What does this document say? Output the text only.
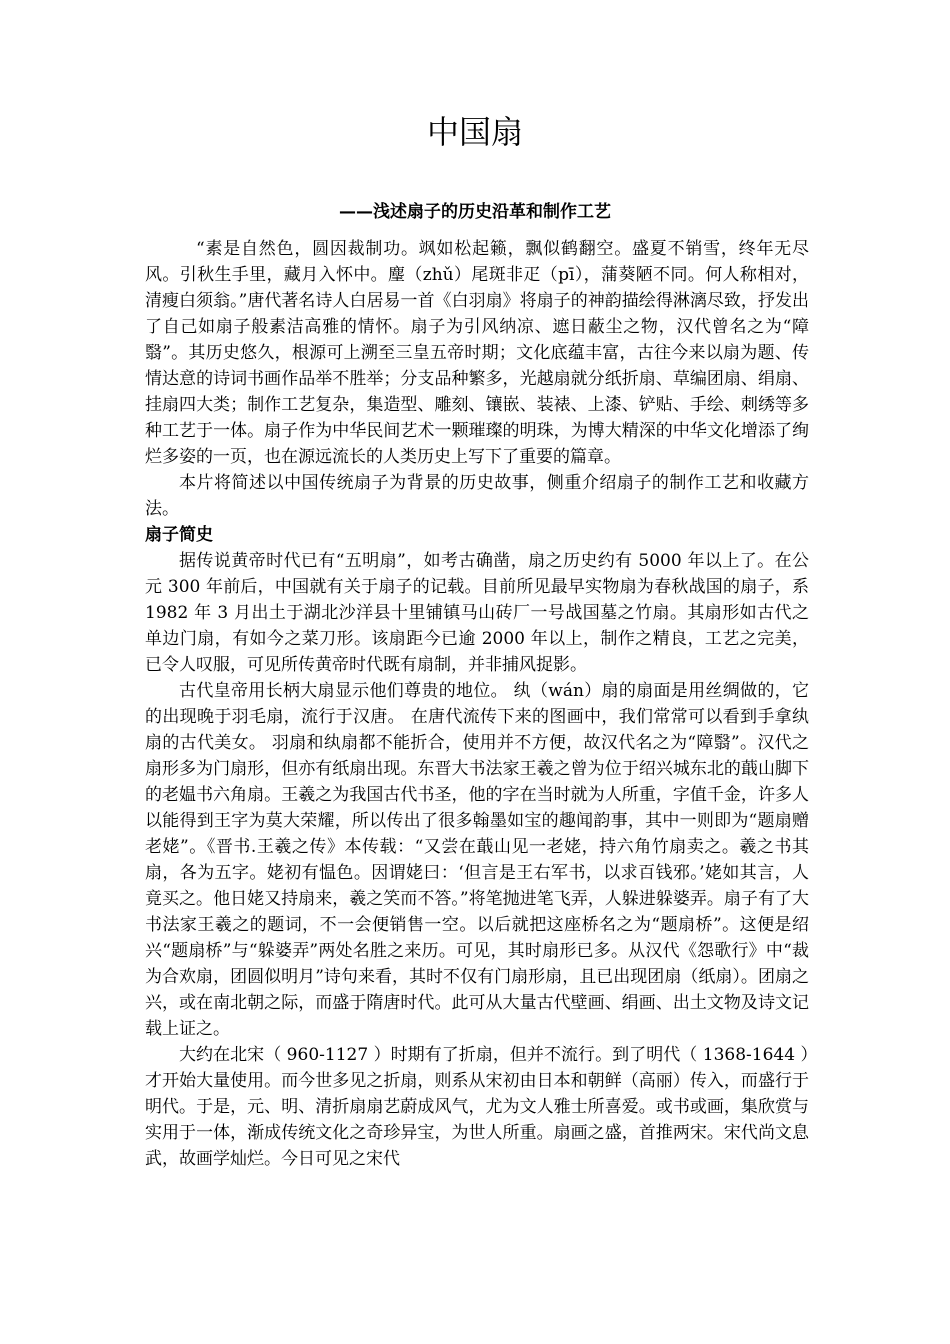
中国扇
——浅述扇子的历史沿革和制作工艺

“素是自然色，圆因裁制功。飒如松起籁，飘似鹤翻空。盛夏不销雪，终年无尽风。引秋生手里，藏月入怀中。麈（zhǔ）尾斑非疋（pī），蒲葵陋不同。何人称相对，清瘦白须翁。”唐代著名诗人白居易一首《白羽扇》将扇子的神韵描绘得淋漓尽致，抒发出了自己如扇子般素洁高雅的情怀。扇子为引风纳凉、遮日蔽尘之物，汉代曾名之为“障翳”。其历史悠久，根源可上溯至三皇五帝时期；文化底蕴丰富，古往今来以扇为题、传情达意的诗词书画作品举不胜举；分支品种繁多，光越扇就分纸折扇、草编团扇、绢扇、挂扇四大类；制作工艺复杂，集造型、雕刻、镶嵌、装裱、上漆、铲贴、手绘、刺绣等多种工艺于一体。扇子作为中华民间艺术一颗璀璨的明珠，为博大精深的中华文化增添了绚烂多姿的一页，也在源远流长的人类历史上写下了重要的篇章。

本片将简述以中国传统扇子为背景的历史故事，侧重介绍扇子的制作工艺和收藏方法。

扇子简史

据传说黄帝时代已有“五明扇”，如考古确凿，扇之历史约有 5000 年以上了。在公元 300 年前后，中国就有关于扇子的记载。目前所见最早实物扇为春秋战国的扇子，系 1982 年 3 月出土于湖北沙洋县十里铺镇马山砖厂一号战国墓之竹扇。其扇形如古代之单边门扇，有如今之菜刀形。该扇距今已逾 2000 年以上，制作之精良，工艺之完美，已令人叹服，可见所传黄帝时代既有扇制，并非捕风捉影。

古代皇帝用长柄大扇显示他们尊贵的地位。 纨（wán）扇的扇面是用丝绸做的，它的出现晚于羽毛扇，流行于汉唐。 在唐代流传下来的图画中，我们常常可以看到手拿纨扇的古代美女。 羽扇和纨扇都不能折合，使用并不方便，故汉代名之为“障翳”。汉代之扇形多为门扇形，但亦有纸扇出现。东晋大书法家王羲之曾为位于绍兴城东北的蕺山脚下的老媪书六角扇。王羲之为我国古代书圣，他的字在当时就为人所重，字值千金，许多人以能得到王字为莫大荣耀，所以传出了很多翰墨如宝的趣闻韵事，其中一则即为“题扇赠老姥”。《晋书.王羲之传》本传载：“又尝在蕺山见一老姥，持六角竹扇卖之。羲之书其扇，各为五字。姥初有愠色。因谓姥曰：‘但言是王右军书，以求百钱邪。’姥如其言，人竟买之。他日姥又持扇来，羲之笑而不答。”将笔抛进笔飞弄，人躲进躲婆弄。扇子有了大书法家王羲之的题词，不一会便销售一空。以后就把这座桥名之为“题扇桥”。这便是绍兴“题扇桥”与“躲婆弄”两处名胜之来历。可见，其时扇形已多。从汉代《怨歌行》中“裁为合欢扇，团圆似明月”诗句来看，其时不仅有门扇形扇，且已出现团扇（纸扇）。团扇之兴，或在南北朝之际，而盛于隋唐时代。此可从大量古代壁画、绢画、出土文物及诗文记载上证之。

大约在北宋（ 960-1127 ）时期有了折扇，但并不流行。到了明代（ 1368-1644 ）才开始大量使用。而今世多见之折扇，则系从宋初由日本和朝鲜（高丽）传入，而盛行于明代。于是，元、明、清折扇扇艺蔚成风气，尤为文人雅士所喜爱。或书或画，集欣赏与实用于一体，渐成传统文化之奇珍异宝，为世人所重。扇画之盛，首推两宋。宋代尚文息武，故画学灿烂。今日可见之宋代
